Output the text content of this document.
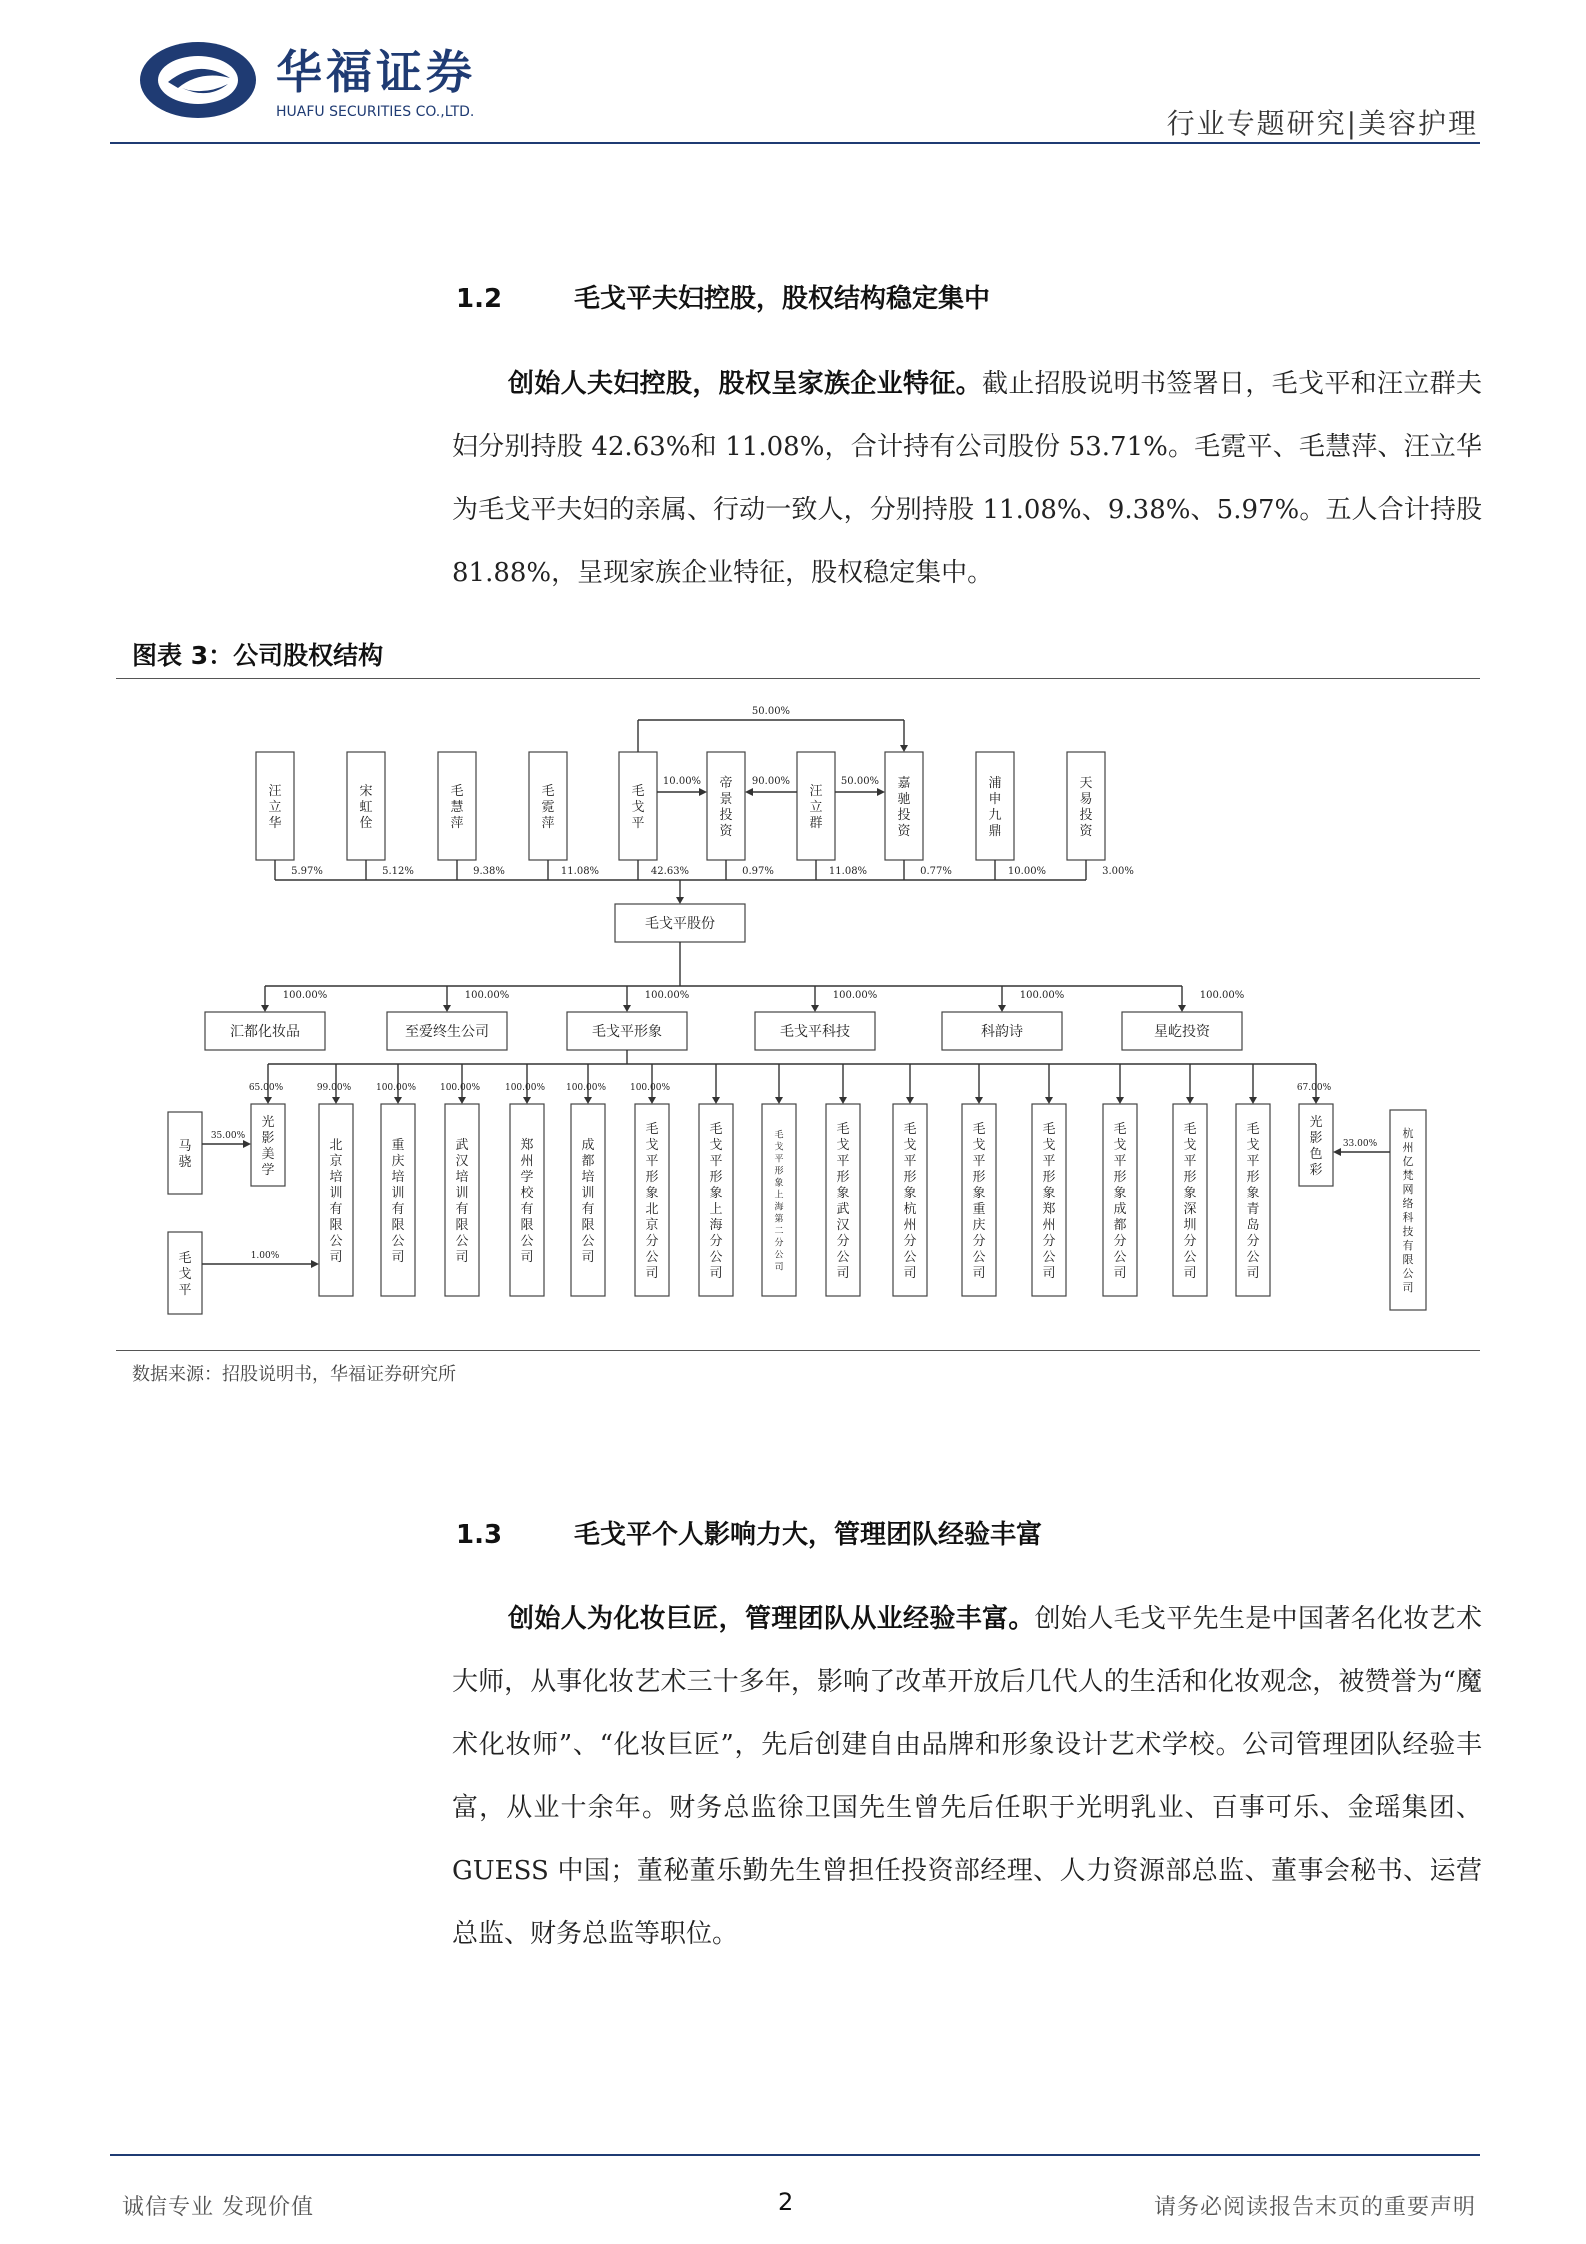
华福证券
HUAFU SECURITIES CO.,LTD.	行业专题研究|美容护理
1.2	毛戈平夫妇控股，股权结构稳定集中

创始人夫妇控股，股权呈家族企业特征。截止招股说明书签署日，毛戈平和汪立群夫妇分别持股 42.63%和 11.08%，合计持有公司股份 53.71%。毛霓平、毛慧萍、汪立华为毛戈平夫妇的亲属、行动一致人，分别持股 11.08%、9.38%、5.97%。五人合计持股 81.88%，呈现家族企业特征，股权稳定集中。

图表 3：公司股权结构
汪立华
5.97%
宋虹佺
5.12%
毛慧萍
9.38%
毛霓萍
11.08%
毛戈平
42.63%
帝景投资
0.97%
汪立群
11.08%
嘉驰投资
0.77%
浦申九鼎
10.00%
天易投资
3.00%
毛戈平股份
50.00%
10.00%	90.00%	50.00%
汇都化妆品
100.00%
至爱终生公司
100.00%
毛戈平形象
100.00%
毛戈平科技
100.00%
科韵诗
100.00%
星屹投资
100.00%
光影美学
65.00%
北京培训有限公司
99.00%
重庆培训有限公司
100.00%
武汉培训有限公司
100.00%
郑州学校有限公司
100.00%
成都培训有限公司
100.00%
毛戈平形象北京分公司
100.00%
毛戈平形象上海分公司
毛戈平形象上海第二分公司
毛戈平形象武汉分公司
毛戈平形象杭州分公司
毛戈平形象重庆分公司
毛戈平形象郑州分公司
毛戈平形象成都分公司
毛戈平形象深圳分公司
毛戈平形象青岛分公司
光影色彩
67.00%
马骁
35.00%
毛戈平
1.00%
杭州亿梵网络科技有限公司
33.00%
数据来源：招股说明书，华福证券研究所
1.3	毛戈平个人影响力大，管理团队经验丰富

创始人为化妆巨匠，管理团队从业经验丰富。创始人毛戈平先生是中国著名化妆艺术大师，从事化妆艺术三十多年，影响了改革开放后几代人的生活和化妆观念，被赞誉为“魔术化妆师”、“化妆巨匠”，先后创建自由品牌和形象设计艺术学校。公司管理团队经验丰富，从业十余年。财务总监徐卫国先生曾先后任职于光明乳业、百事可乐、金瑶集团、GUESS 中国；董秘董乐勤先生曾担任投资部经理、人力资源部总监、董事会秘书、运营总监、财务总监等职位。

诚信专业 发现价值	2	请务必阅读报告末页的重要声明
